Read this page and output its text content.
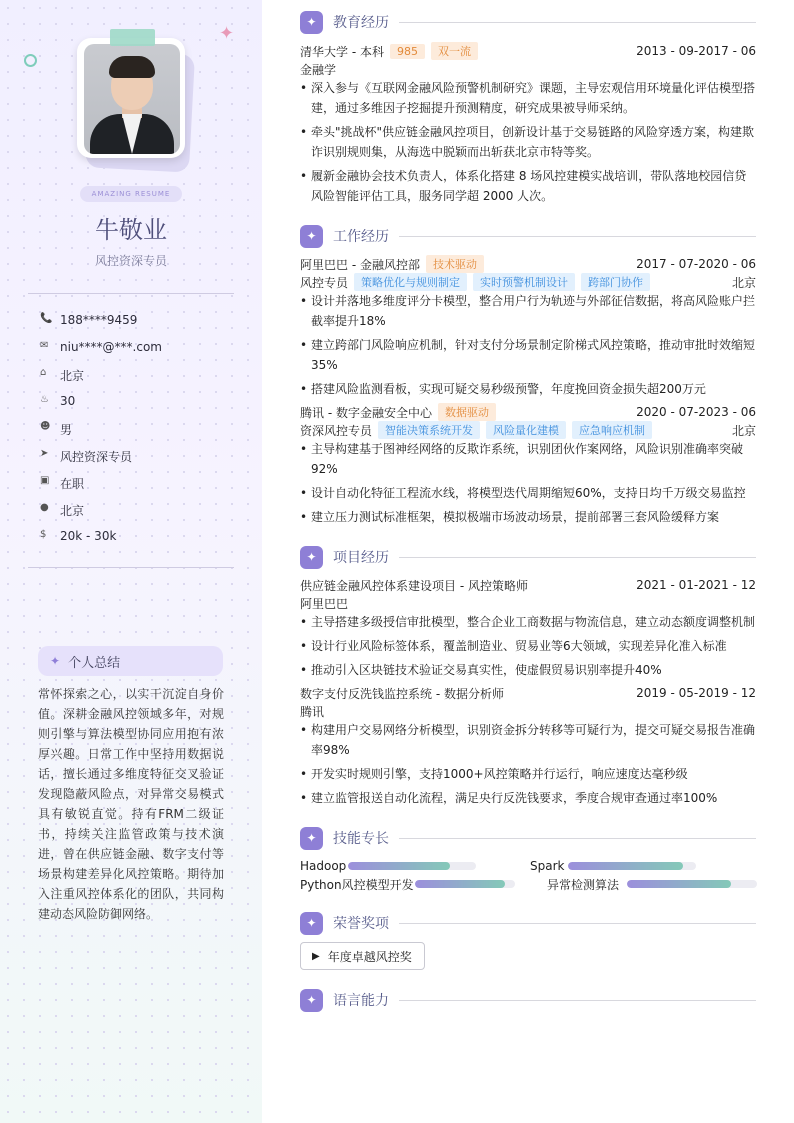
✦
AMAZING RESUME
牛敬业
风控资深专员
📞 188****9459
✉ niu****@***.com
⌂	北京
♨ 30
☻ 男
➤ 风控资深专员
▣ 在职
● 北京
$	20k - 30k
✦ 个人总结
常怀探索之心，以实干沉淀自身价值。深耕金融风控领域多年，对规则引擎与算法模型协同应用抱有浓厚兴趣。日常工作中坚持用数据说话，擅长通过多维度特征交叉验证发现隐蔽风险点，对异常交易模式具有敏锐直觉。持有FRM二级证书，持续关注监管政策与技术演进，曾在供应链金融、数字支付等场景构建差异化风控策略。期待加入注重风控体系化的团队，共同构建动态风险防御网络。
✦	教育经历
清华大学 - 本科	985	双一流	2013 - 09-2017 - 06
金融学
• 深入参与《互联网金融风险预警机制研究》课题，主导宏观信用环境量化评估模型搭建，通过多维因子挖掘提升预测精度，研究成果被导师采纳。
• 牵头"挑战杯"供应链金融风控项目，创新设计基于交易链路的风险穿透方案，构建欺诈识别规则集，从海选中脱颖而出斩获北京市特等奖。
• 履新金融协会技术负责人，体系化搭建 8 场风控建模实战培训，带队落地校园信贷风险智能评估工具，服务同学超 2000 人次。
✦	工作经历
阿里巴巴 - 金融风控部	技术驱动	2017 - 07-2020 - 06
风控专员	策略优化与规则制定	实时预警机制设计	跨部门协作	北京
• 设计并落地多维度评分卡模型，整合用户行为轨迹与外部征信数据，将高风险账户拦截率提升18%
• 建立跨部门风险响应机制，针对支付分场景制定阶梯式风控策略，推动审批时效缩短35%
• 搭建风险监测看板，实现可疑交易秒级预警，年度挽回资金损失超200万元
腾讯 - 数字金融安全中心	数据驱动	2020 - 07-2023 - 06
资深风控专员	智能决策系统开发	风险量化建模	应急响应机制	北京
• 主导构建基于图神经网络的反欺诈系统，识别团伙作案网络，风险识别准确率突破92%
• 设计自动化特征工程流水线，将模型迭代周期缩短60%，支持日均千万级交易监控
• 建立压力测试标准框架，模拟极端市场波动场景，提前部署三套风险缓释方案
✦	项目经历
供应链金融风控体系建设项目 - 风控策略师	2021 - 01-2021 - 12
阿里巴巴
• 主导搭建多级授信审批模型，整合企业工商数据与物流信息，建立动态额度调整机制
• 设计行业风险标签体系，覆盖制造业、贸易业等6大领域，实现差异化准入标准
• 推动引入区块链技术验证交易真实性，使虚假贸易识别率提升40%
数字支付反洗钱监控系统 - 数据分析师	2019 - 05-2019 - 12
腾讯
• 构建用户交易网络分析模型，识别资金拆分转移等可疑行为，提交可疑交易报告准确率98%
• 开发实时规则引擎，支持1000+风控策略并行运行，响应速度达毫秒级
• 建立监管报送自动化流程，满足央行反洗钱要求，季度合规审查通过率100%
✦	技能专长
Hadoop	Spark
Python风控模型开发	异常检测算法
✦	荣誉奖项
▶ 年度卓越风控奖
✦	语言能力
